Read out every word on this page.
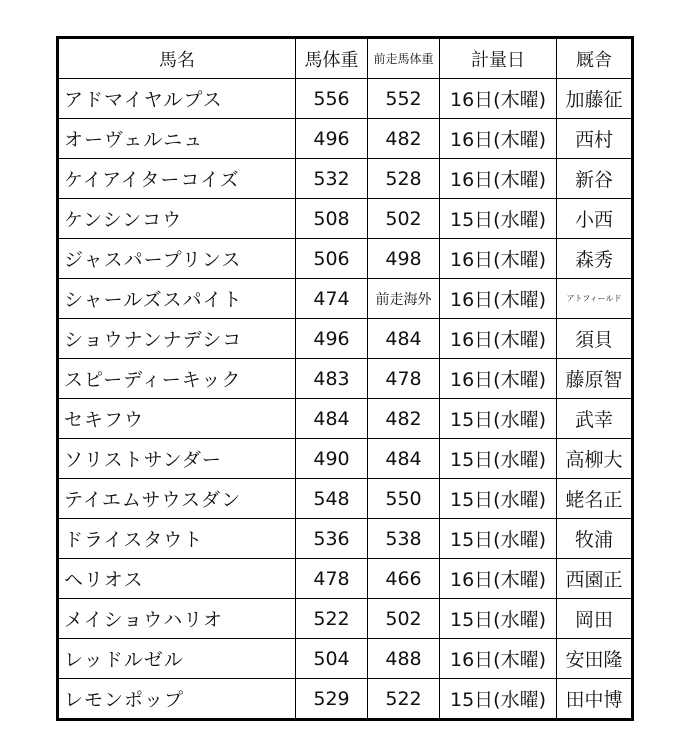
馬名	馬体重	前走馬体重	計量日	厩舎
アドマイヤルプス	556	552	16日(木曜)	加藤征
オーヴェルニュ	496	482	16日(木曜)	西村
ケイアイターコイズ	532	528	16日(木曜)	新谷
ケンシンコウ	508	502	15日(水曜)	小西
ジャスパープリンス	506	498	16日(木曜)	森秀
シャールズスパイト	474	前走海外	16日(木曜)	アトフィールド
ショウナンナデシコ	496	484	16日(木曜)	須貝
スピーディーキック	483	478	16日(木曜)	藤原智
セキフウ	484	482	15日(水曜)	武幸
ソリストサンダー	490	484	15日(水曜)	高柳大
テイエムサウスダン	548	550	15日(水曜)	蛯名正
ドライスタウト	536	538	15日(水曜)	牧浦
ヘリオス	478	466	16日(木曜)	西園正
メイショウハリオ	522	502	15日(水曜)	岡田
レッドルゼル	504	488	16日(木曜)	安田隆
レモンポップ	529	522	15日(水曜)	田中博
